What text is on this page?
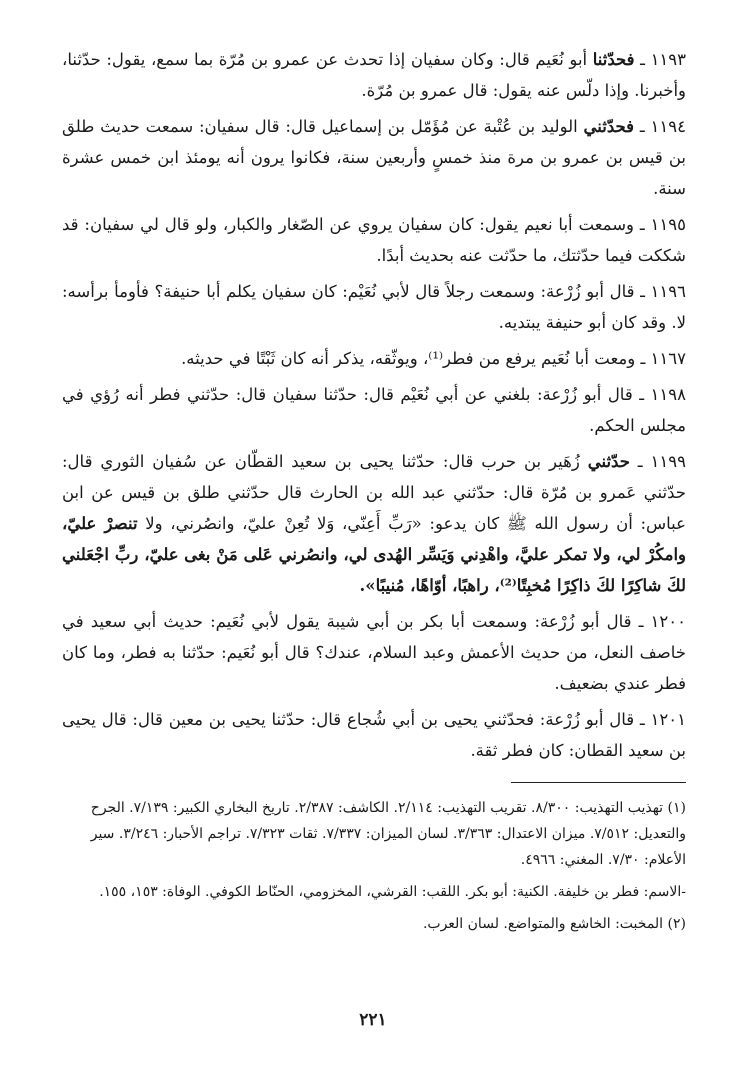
١١٩٣ ـ فحدّثنا أبو نُعَيم قال: وكان سفيان إذا تحدث عن عمرو بن مُرّة بما سمع، يقول: حدّثنا، وأخبرنا. وإذا دلّس عنه يقول: قال عمرو بن مُرّة.
١١٩٤ ـ فحدّثني الوليد بن عُتْبة عن مُؤَمّل بن إسماعيل قال: قال سفيان: سمعت حديث طلق بن قيس بن عمرو بن مرة منذ خمسٍ وأربعين سنة، فكانوا يرون أنه يومئذ ابن خمس عشرة سنة.
١١٩٥ ـ وسمعت أبا نعيم يقول: كان سفيان يروي عن الصّغار والكبار، ولو قال لي سفيان: قد شككت فيما حدّثتك، ما حدّثت عنه بحديث أبدًا.
١١٩٦ ـ قال أبو زُرْعة: وسمعت رجلاً قال لأبي نُعَيْم: كان سفيان يكلم أبا حنيفة؟ فأومأ برأسه: لا. وقد كان أبو حنيفة يبتديه.
١١٦٧ ـ ومعت أبا نُعَيم يرفع من فطر⁽¹⁾، ويوثّقه، يذكر أنه كان ثَبْتًا في حديثه.
١١٩٨ ـ قال أبو زُرْعة: بلغني عن أبي نُعَيْم قال: حدّثنا سفيان قال: حدّثني فطر أنه رُؤي في مجلس الحكم.
١١٩٩ ـ حدّثني زُهَير بن حرب قال: حدّثنا يحيى بن سعيد القطّان عن سُفيان الثوري قال: حدّثني عَمرو بن مُرّة قال: حدّثني عبد الله بن الحارث قال حدّثني طلق بن قيس عن ابن عباس: أن رسول الله ﷺ كان يدعو: «رَبِّ أَعِنّي، وَلا تُعِنْ عليّ، وانصُرني، ولا تنصرْ عليّ، وامكُرْ لي، ولا تمكر عليَّ، واهْدِني وَيَسِّر الهُدى لي، وانصُرني عَلى مَنْ بغى عليّ، ربِّ اجْعَلني لكَ شاكِرًا لكَ ذاكِرًا مُخبِتًا⁽²⁾، راهبًا، أوّاهًا، مُنيبًا».
١٢٠٠ ـ قال أبو زُرْعة: وسمعت أبا بكر بن أبي شيبة يقول لأبي نُعَيم: حديث أبي سعيد في خاصف النعل، من حديث الأعمش وعبد السلام، عندك؟ قال أبو نُعَيم: حدّثنا به فطر، وما كان فطر عندي بضعيف.
١٢٠١ ـ قال أبو زُرْعة: فحدّثني يحيى بن أبي شُجاع قال: حدّثنا يحيى بن معين قال: قال يحيى بن سعيد القطان: كان فطر ثقة.
(١) تهذيب التهذيب: ٨/٣٠٠. تقريب التهذيب: ٢/١١٤. الكاشف: ٢/٣٨٧. تاريخ البخاري الكبير: ٧/١٣٩. الجرح والتعديل: ٧/٥١٢. ميزان الاعتدال: ٣/٣٦٣. لسان الميزان: ٧/٣٣٧. ثقات ٧/٣٢٣. تراجم الأحبار: ٣/٢٤٦. سير الأعلام: ٧/٣٠. المغني: ٤٩٦٦.
-الاسم: فطر بن خليفة. الكنية: أبو بكر. اللقب: القرشي، المخزومي، الحنّاط الكوفي. الوفاة: ١٥٣، ١٥٥.
(٢) المخبت: الخاشع والمتواضع. لسان العرب.
٢٢١
